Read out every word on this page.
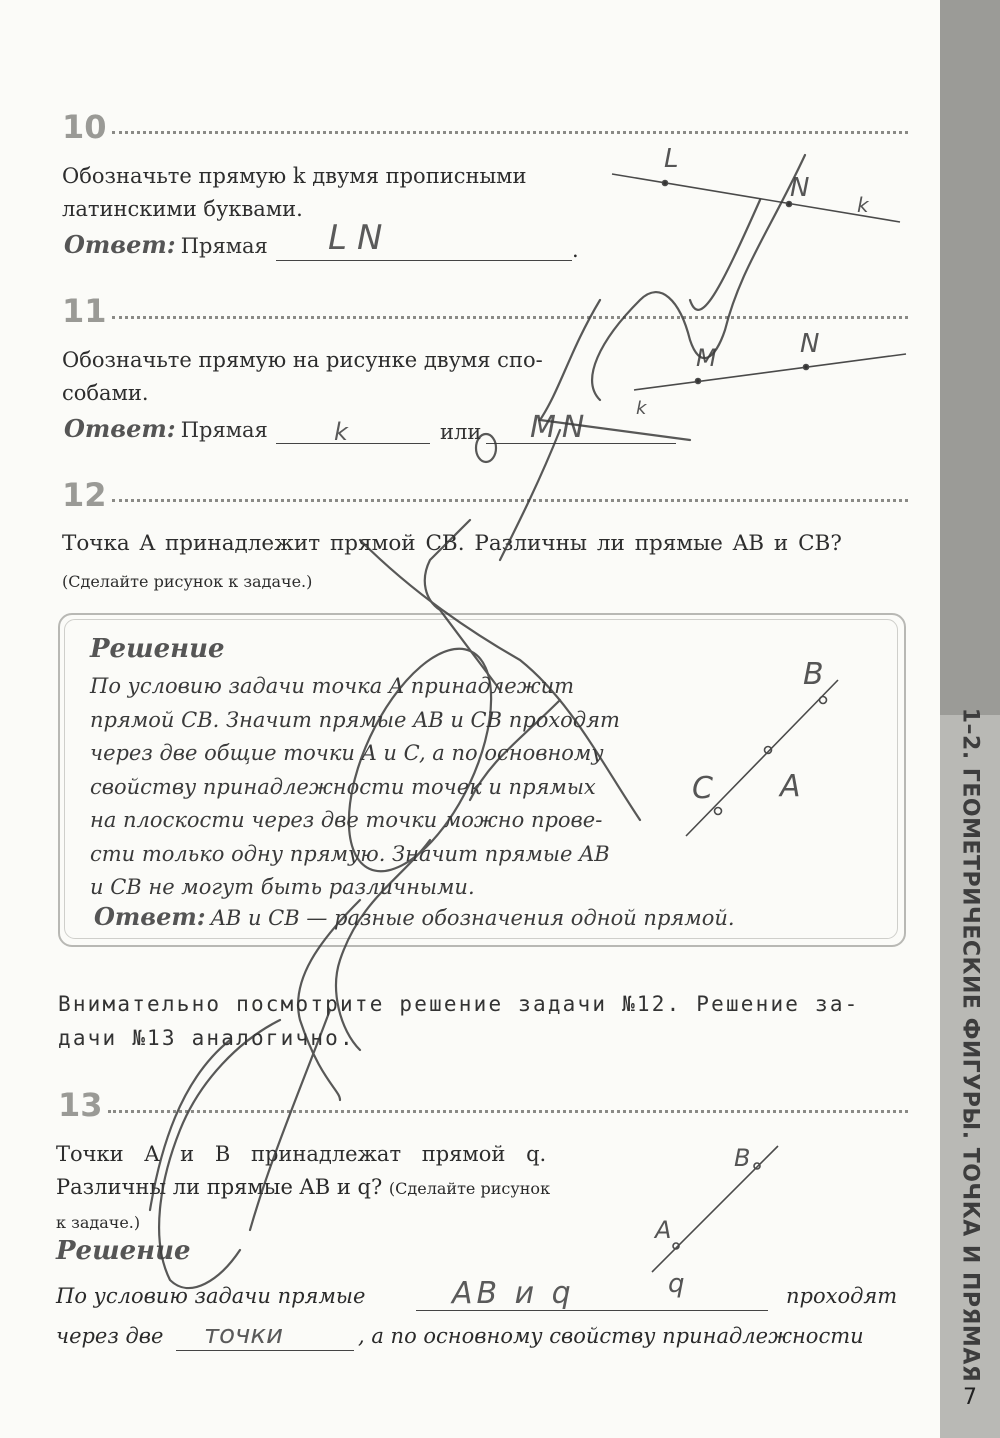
1–2. ГЕОМЕТРИЧЕСКИЕ ФИГУРЫ. ТОЧКА И ПРЯМАЯ
7
10
Обозначьте прямую k двумя прописными
латинскими буквами.
Ответ: Прямая LN	.
11
Обозначьте прямую на рисунке двумя спо-
собами.
Ответ: Прямая	k	или MN
12
Точка A принадлежит прямой CB. Различны ли прямые AB и CB?
(Сделайте рисунок к задаче.)
Решение
По условию задачи точка A принадлежит
прямой CB. Значит прямые AB и CB проходят
через две общие точки A и C, а по основному
свойству принадлежности точек и прямых
на плоскости через две точки можно прове-
сти только одну прямую. Значит прямые AB
и CB не могут быть различными.
Ответ: AB и CB — разные обозначения одной прямой.
Внимательно посмотрите решение задачи №12. Решение за-
дачи №13 аналогично.
13
Точки A и B принадлежат прямой q.
Различны ли прямые AB и q? (Сделайте рисунок
к задаче.)
Решение
По условию задачи прямые	AB и q	проходят
через две точки	, а по основному свойству принадлежности
L
N
k
M	N
k
C A
B
A
B
q
